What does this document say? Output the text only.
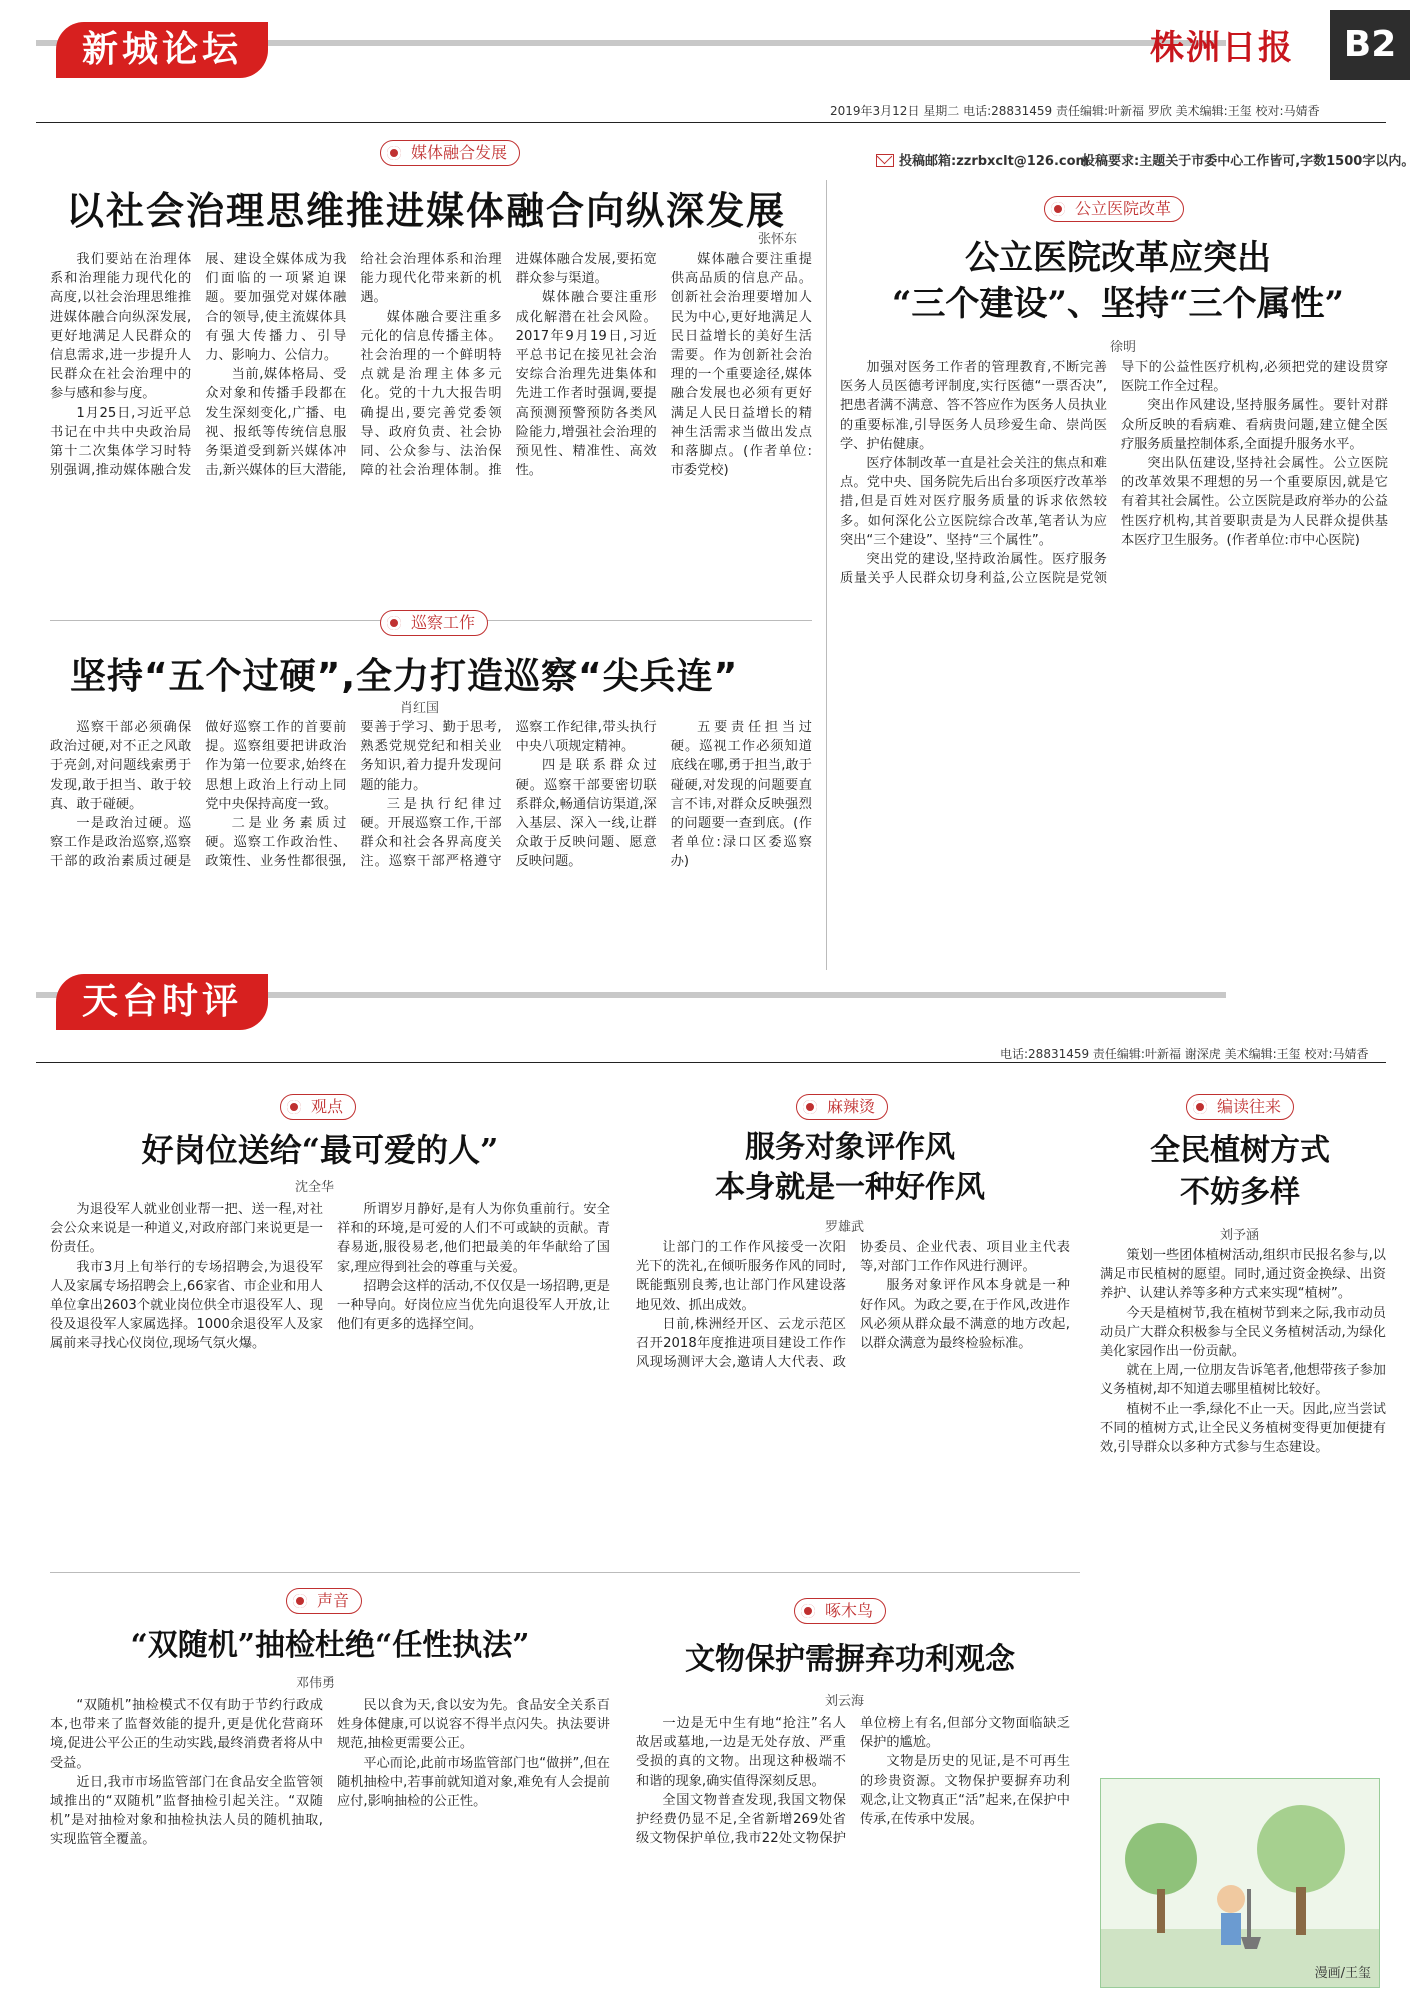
新城论坛	株洲日报	B2
2019年3月12日 星期二 电话:28831459 责任编辑:叶新福 罗欣 美术编辑:王玺 校对:马婧香
投稿邮箱:zzrbxclt@126.com
投稿要求:主题关于市委中心工作皆可,字数1500字以内。
媒体融合发展
以社会治理思维推进媒体融合向纵深发展
张怀东

我们要站在治理体系和治理能力现代化的高度,以社会治理思维推进媒体融合向纵深发展,更好地满足人民群众的信息需求,进一步提升人民群众在社会治理中的参与感和参与度。

1月25日,习近平总书记在中共中央政治局第十二次集体学习时特别强调,推动媒体融合发展、建设全媒体成为我们面临的一项紧迫课题。要加强党对媒体融合的领导,使主流媒体具有强大传播力、引导力、影响力、公信力。

当前,媒体格局、受众对象和传播手段都在发生深刻变化,广播、电视、报纸等传统信息服务渠道受到新兴媒体冲击,新兴媒体的巨大潜能,给社会治理体系和治理能力现代化带来新的机遇。

媒体融合要注重多元化的信息传播主体。社会治理的一个鲜明特点就是治理主体多元化。党的十九大报告明确提出,要完善党委领导、政府负责、社会协同、公众参与、法治保障的社会治理体制。推进媒体融合发展,要拓宽群众参与渠道。

媒体融合要注重形成化解潜在社会风险。2017年9月19日,习近平总书记在接见社会治安综合治理先进集体和先进工作者时强调,要提高预测预警预防各类风险能力,增强社会治理的预见性、精准性、高效性。

媒体融合要注重提供高品质的信息产品。创新社会治理要增加人民为中心,更好地满足人民日益增长的美好生活需要。作为创新社会治理的一个重要途径,媒体融合发展也必须有更好满足人民日益增长的精神生活需求当做出发点和落脚点。(作者单位:市委党校)

巡察工作
坚持“五个过硬”,全力打造巡察“尖兵连”
肖红国

巡察干部必须确保政治过硬,对不正之风敢于亮剑,对问题线索勇于发现,敢于担当、敢于较真、敢于碰硬。

一是政治过硬。巡察工作是政治巡察,巡察干部的政治素质过硬是做好巡察工作的首要前提。巡察组要把讲政治作为第一位要求,始终在思想上政治上行动上同党中央保持高度一致。

二是业务素质过硬。巡察工作政治性、政策性、业务性都很强,要善于学习、勤于思考,熟悉党规党纪和相关业务知识,着力提升发现问题的能力。

三是执行纪律过硬。开展巡察工作,干部群众和社会各界高度关注。巡察干部严格遵守巡察工作纪律,带头执行中央八项规定精神。

四是联系群众过硬。巡察干部要密切联系群众,畅通信访渠道,深入基层、深入一线,让群众敢于反映问题、愿意反映问题。

五要责任担当过硬。巡视工作必须知道底线在哪,勇于担当,敢于碰硬,对发现的问题要直言不讳,对群众反映强烈的问题要一查到底。(作者单位:渌口区委巡察办)

公立医院改革
公立医院改革应突出
“三个建设”、坚持“三个属性”
徐明

加强对医务工作者的管理教育,不断完善医务人员医德考评制度,实行医德“一票否决”,把患者满不满意、答不答应作为医务人员执业的重要标准,引导医务人员珍爱生命、崇尚医学、护佑健康。

医疗体制改革一直是社会关注的焦点和难点。党中央、国务院先后出台多项医疗改革举措,但是百姓对医疗服务质量的诉求依然较多。如何深化公立医院综合改革,笔者认为应突出“三个建设”、坚持“三个属性”。

突出党的建设,坚持政治属性。医疗服务质量关乎人民群众切身利益,公立医院是党领导下的公益性医疗机构,必须把党的建设贯穿医院工作全过程。

突出作风建设,坚持服务属性。要针对群众所反映的看病难、看病贵问题,建立健全医疗服务质量控制体系,全面提升服务水平。

突出队伍建设,坚持社会属性。公立医院的改革效果不理想的另一个重要原因,就是它有着其社会属性。公立医院是政府举办的公益性医疗机构,其首要职责是为人民群众提供基本医疗卫生服务。(作者单位:市中心医院)

天台时评
电话:28831459 责任编辑:叶新福 谢深虎 美术编辑:王玺 校对:马婧香
观点
好岗位送给“最可爱的人”
沈全华

为退役军人就业创业帮一把、送一程,对社会公众来说是一种道义,对政府部门来说更是一份责任。

我市3月上旬举行的专场招聘会,为退役军人及家属专场招聘会上,66家省、市企业和用人单位拿出2603个就业岗位供全市退役军人、现役及退役军人家属选择。1000余退役军人及家属前来寻找心仪岗位,现场气氛火爆。

所谓岁月静好,是有人为你负重前行。安全祥和的环境,是可爱的人们不可或缺的贡献。青春易逝,服役易老,他们把最美的年华献给了国家,理应得到社会的尊重与关爱。

招聘会这样的活动,不仅仅是一场招聘,更是一种导向。好岗位应当优先向退役军人开放,让他们有更多的选择空间。

麻辣烫
服务对象评作风
本身就是一种好作风
罗雄武

让部门的工作作风接受一次阳光下的洗礼,在倾听服务作风的同时,既能甄别良莠,也让部门作风建设落地见效、抓出成效。

日前,株洲经开区、云龙示范区召开2018年度推进项目建设工作作风现场测评大会,邀请人大代表、政协委员、企业代表、项目业主代表等,对部门工作作风进行测评。

服务对象评作风本身就是一种好作风。为政之要,在于作风,改进作风必须从群众最不满意的地方改起,以群众满意为最终检验标准。

编读往来
全民植树方式
不妨多样
刘予涵

策划一些团体植树活动,组织市民报名参与,以满足市民植树的愿望。同时,通过资金换绿、出资养护、认建认养等多种方式来实现“植树”。

今天是植树节,我在植树节到来之际,我市动员动员广大群众积极参与全民义务植树活动,为绿化美化家园作出一份贡献。

就在上周,一位朋友告诉笔者,他想带孩子参加义务植树,却不知道去哪里植树比较好。

植树不止一季,绿化不止一天。因此,应当尝试不同的植树方式,让全民义务植树变得更加便捷有效,引导群众以多种方式参与生态建设。

漫画/王玺
声音
“双随机”抽检杜绝“任性执法”
邓伟勇

“双随机”抽检模式不仅有助于节约行政成本,也带来了监督效能的提升,更是优化营商环境,促进公平公正的生动实践,最终消费者将从中受益。

近日,我市市场监管部门在食品安全监管领域推出的“双随机”监督抽检引起关注。“双随机”是对抽检对象和抽检执法人员的随机抽取,实现监管全覆盖。

民以食为天,食以安为先。食品安全关系百姓身体健康,可以说容不得半点闪失。执法要讲规范,抽检更需要公正。

平心而论,此前市场监管部门也“做拼”,但在随机抽检中,若事前就知道对象,难免有人会提前应付,影响抽检的公正性。

啄木鸟
文物保护需摒弃功利观念
刘云海

一边是无中生有地“抢注”名人故居或墓地,一边是无处存放、严重受损的真的文物。出现这种极端不和谐的现象,确实值得深刻反思。

全国文物普查发现,我国文物保护经费仍显不足,全省新增269处省级文物保护单位,我市22处文物保护单位榜上有名,但部分文物面临缺乏保护的尴尬。

文物是历史的见证,是不可再生的珍贵资源。文物保护要摒弃功利观念,让文物真正“活”起来,在保护中传承,在传承中发展。
